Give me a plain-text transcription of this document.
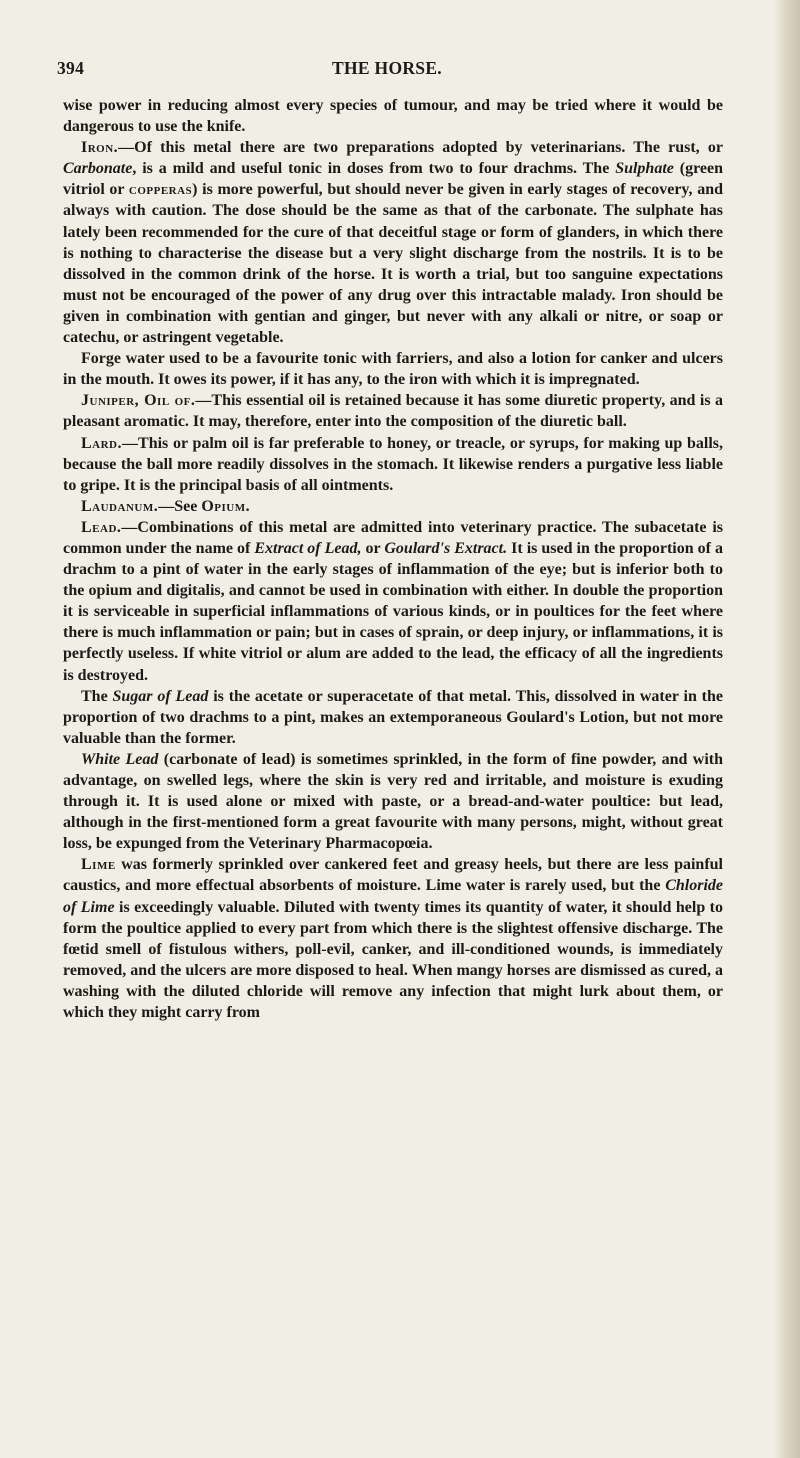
394	THE HORSE.

wise power in reducing almost every species of tumour, and may be tried where it would be dangerous to use the knife.

Iron.—Of this metal there are two preparations adopted by veterinarians. The rust, or Carbonate, is a mild and useful tonic in doses from two to four drachms. The Sulphate (green vitriol or copperas) is more powerful, but should never be given in early stages of recovery, and always with caution. The dose should be the same as that of the carbonate. The sulphate has lately been recommended for the cure of that deceitful stage or form of glanders, in which there is nothing to characterise the disease but a very slight discharge from the nostrils. It is to be dissolved in the common drink of the horse. It is worth a trial, but too sanguine expectations must not be encouraged of the power of any drug over this intractable malady. Iron should be given in combination with gentian and ginger, but never with any alkali or nitre, or soap or catechu, or astringent vegetable.

Forge water used to be a favourite tonic with farriers, and also a lotion for canker and ulcers in the mouth. It owes its power, if it has any, to the iron with which it is impregnated.

Juniper, Oil of.—This essential oil is retained because it has some diuretic property, and is a pleasant aromatic. It may, therefore, enter into the composition of the diuretic ball.

Lard.—This or palm oil is far preferable to honey, or treacle, or syrups, for making up balls, because the ball more readily dissolves in the stomach. It likewise renders a purgative less liable to gripe. It is the principal basis of all ointments.

Laudanum.—See Opium.

Lead.—Combinations of this metal are admitted into veterinary practice. The subacetate is common under the name of Extract of Lead, or Goulard's Extract. It is used in the proportion of a drachm to a pint of water in the early stages of inflammation of the eye; but is inferior both to the opium and digitalis, and cannot be used in combination with either. In double the proportion it is serviceable in superficial inflammations of various kinds, or in poultices for the feet where there is much inflammation or pain; but in cases of sprain, or deep injury, or inflammations, it is perfectly useless. If white vitriol or alum are added to the lead, the efficacy of all the ingredients is destroyed.

The Sugar of Lead is the acetate or superacetate of that metal. This, dissolved in water in the proportion of two drachms to a pint, makes an extemporaneous Goulard's Lotion, but not more valuable than the former.

White Lead (carbonate of lead) is sometimes sprinkled, in the form of fine powder, and with advantage, on swelled legs, where the skin is very red and irritable, and moisture is exuding through it. It is used alone or mixed with paste, or a bread-and-water poultice: but lead, although in the first-mentioned form a great favourite with many persons, might, without great loss, be expunged from the Veterinary Pharmacopœia.

Lime was formerly sprinkled over cankered feet and greasy heels, but there are less painful caustics, and more effectual absorbents of moisture. Lime water is rarely used, but the Chloride of Lime is exceedingly valuable. Diluted with twenty times its quantity of water, it should help to form the poultice applied to every part from which there is the slightest offensive discharge. The fœtid smell of fistulous withers, poll-evil, canker, and ill-conditioned wounds, is immediately removed, and the ulcers are more disposed to heal. When mangy horses are dismissed as cured, a washing with the diluted chloride will remove any infection that might lurk about them, or which they might carry from
